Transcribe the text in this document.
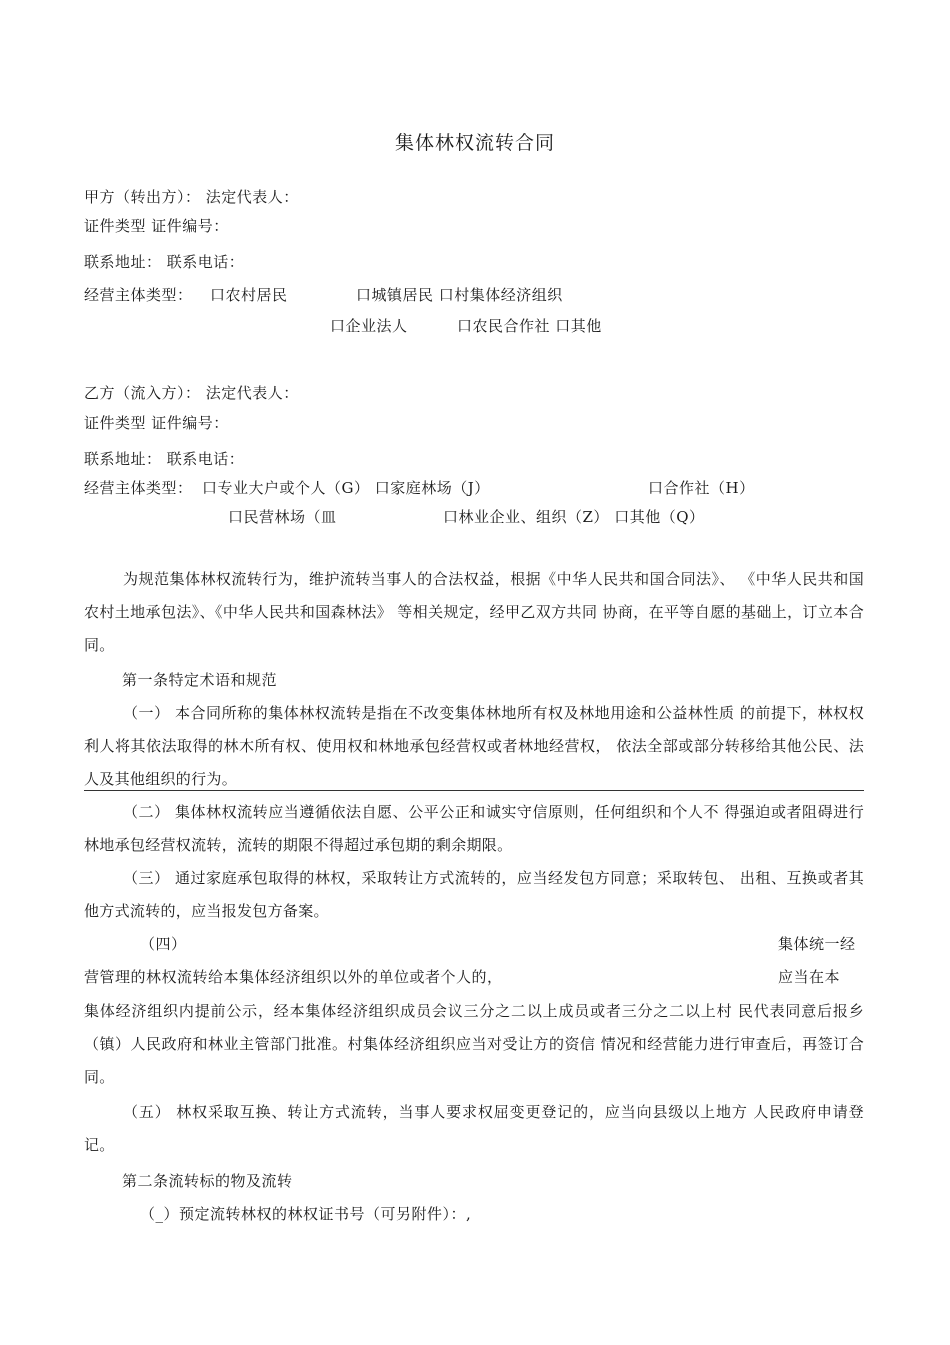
集体林权流转合同
甲方（转出方）： 法定代表人：
证件类型 证件编号：
联系地址： 联系电话：
经营主体类型： 口农村居民	口城镇居民 口村集体经济组织
口企业法人	口农民合作社 口其他
乙方（流入方）： 法定代表人：
证件类型 证件编号：
联系地址： 联系电话：
经营主体类型： 口专业大户或个人（G） 口家庭林场（J）	口合作社（H）
口民营林场（皿	口林业企业、组织（Z） 口其他（Q）
为规范集体林权流转行为，维护流转当事人的合法权益，根据《中华人民共和国合同法》、 《中华人民共和国农村土地承包法》、《中华人民共和国森林法》 等相关规定，经甲乙双方共同 协商，在平等自愿的基础上，订立本合同。
第一条特定术语和规范
（一） 本合同所称的集体林权流转是指在不改变集体林地所有权及林地用途和公益林性质 的前提下，林权权利人将其依法取得的林木所有权、使用权和林地承包经营权或者林地经营权， 依法全部或部分转移给其他公民、法人及其他组织的行为。
（二） 集体林权流转应当遵循依法自愿、公平公正和诚实守信原则，任何组织和个人不 得强迫或者阻碍进行林地承包经营权流转，流转的期限不得超过承包期的剩余期限。
（三） 通过家庭承包取得的林权，采取转让方式流转的，应当经发包方同意；采取转包、 出租、互换或者其他方式流转的，应当报发包方备案。
（四）	集体统一经
营管理的林权流转给本集体经济组织以外的单位或者个人的，	应当在本
集体经济组织内提前公示，经本集体经济组织成员会议三分之二以上成员或者三分之二以上村 民代表同意后报乡（镇）人民政府和林业主管部门批准。村集体经济组织应当对受让方的资信 情况和经营能力进行审查后，再签订合同。
（五） 林权采取互换、转让方式流转，当事人要求权屈变更登记的，应当向县级以上地方 人民政府申请登记。
第二条流转标的物及流转
（_）预定流转林权的林权证书号（可另附件）：,
